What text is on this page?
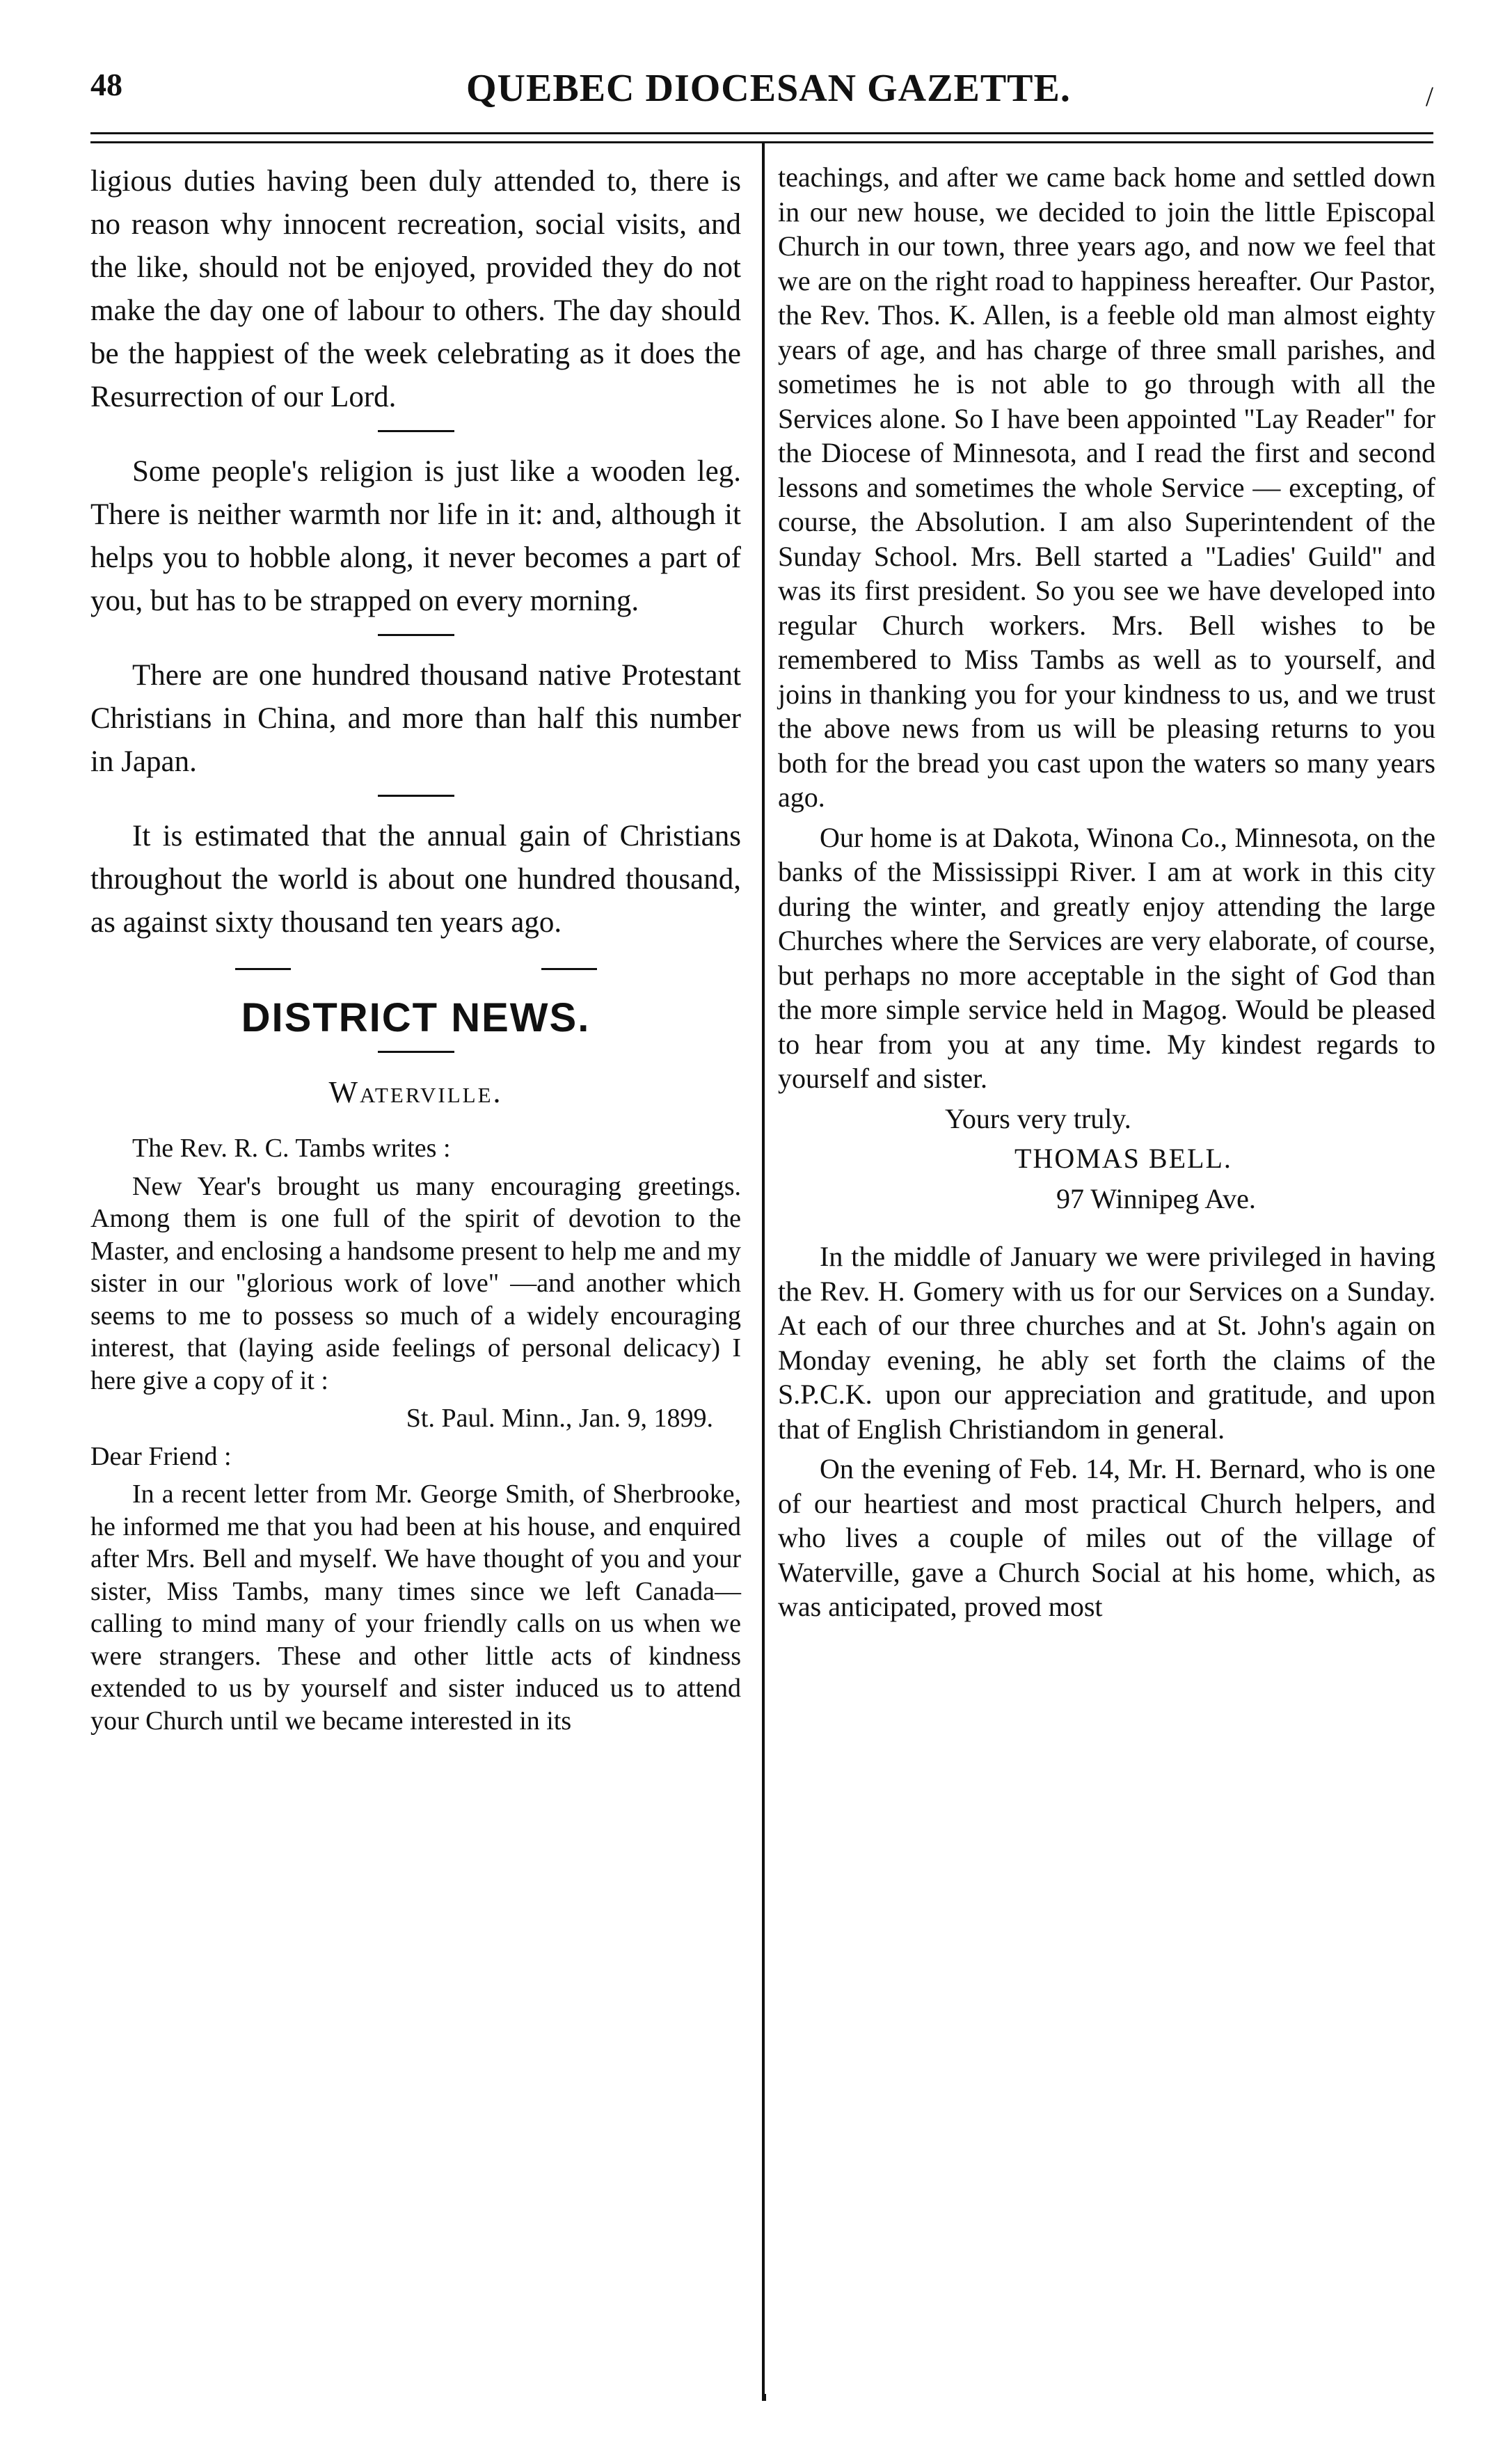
48	QUEBEC DIOCESAN GAZETTE.	/

ligious duties having been duly attended to, there is no reason why innocent recreation, social visits, and the like, should not be enjoyed, provided they do not make the day one of labour to others. The day should be the happiest of the week celebrating as it does the Resurrection of our Lord.

Some people's religion is just like a wooden leg. There is neither warmth nor life in it: and, although it helps you to hobble along, it never becomes a part of you, but has to be strapped on every morning.

There are one hundred thousand native Protestant Christians in China, and more than half this number in Japan.

It is estimated that the annual gain of Christians throughout the world is about one hundred thousand, as against sixty thousand ten years ago.

DISTRICT NEWS.
Waterville.

The Rev. R. C. Tambs writes :

New Year's brought us many encouraging greetings. Among them is one full of the spirit of devotion to the Master, and enclosing a handsome present to help me and my sister in our "glorious work of love" —and another which seems to me to possess so much of a widely encouraging interest, that (laying aside feelings of personal delicacy) I here give a copy of it :

St. Paul. Minn., Jan. 9, 1899.

Dear Friend :

In a recent letter from Mr. George Smith, of Sherbrooke, he informed me that you had been at his house, and enquired after Mrs. Bell and myself. We have thought of you and your sister, Miss Tambs, many times since we left Canada—calling to mind many of your friendly calls on us when we were strangers. These and other little acts of kindness extended to us by yourself and sister induced us to attend your Church until we became interested in its

teachings, and after we came back home and settled down in our new house, we decided to join the little Episcopal Church in our town, three years ago, and now we feel that we are on the right road to happiness hereafter. Our Pastor, the Rev. Thos. K. Allen, is a feeble old man almost eighty years of age, and has charge of three small parishes, and sometimes he is not able to go through with all the Services alone. So I have been appointed "Lay Reader" for the Diocese of Minnesota, and I read the first and second lessons and sometimes the whole Service — excepting, of course, the Absolution. I am also Superintendent of the Sunday School. Mrs. Bell started a "Ladies' Guild" and was its first president. So you see we have developed into regular Church workers. Mrs. Bell wishes to be remembered to Miss Tambs as well as to yourself, and joins in thanking you for your kindness to us, and we trust the above news from us will be pleasing returns to you both for the bread you cast upon the waters so many years ago.

Our home is at Dakota, Winona Co., Minnesota, on the banks of the Mississippi River. I am at work in this city during the winter, and greatly enjoy attending the large Churches where the Services are very elaborate, of course, but perhaps no more acceptable in the sight of God than the more simple service held in Magog. Would be pleased to hear from you at any time. My kindest regards to yourself and sister.

Yours very truly.

THOMAS BELL.

97 Winnipeg Ave.

In the middle of January we were privileged in having the Rev. H. Gomery with us for our Services on a Sunday. At each of our three churches and at St. John's again on Monday evening, he ably set forth the claims of the S.P.C.K. upon our appreciation and gratitude, and upon that of English Christiandom in general.

On the evening of Feb. 14, Mr. H. Bernard, who is one of our heartiest and most practical Church helpers, and who lives a couple of miles out of the village of Waterville, gave a Church Social at his home, which, as was anticipated, proved most
